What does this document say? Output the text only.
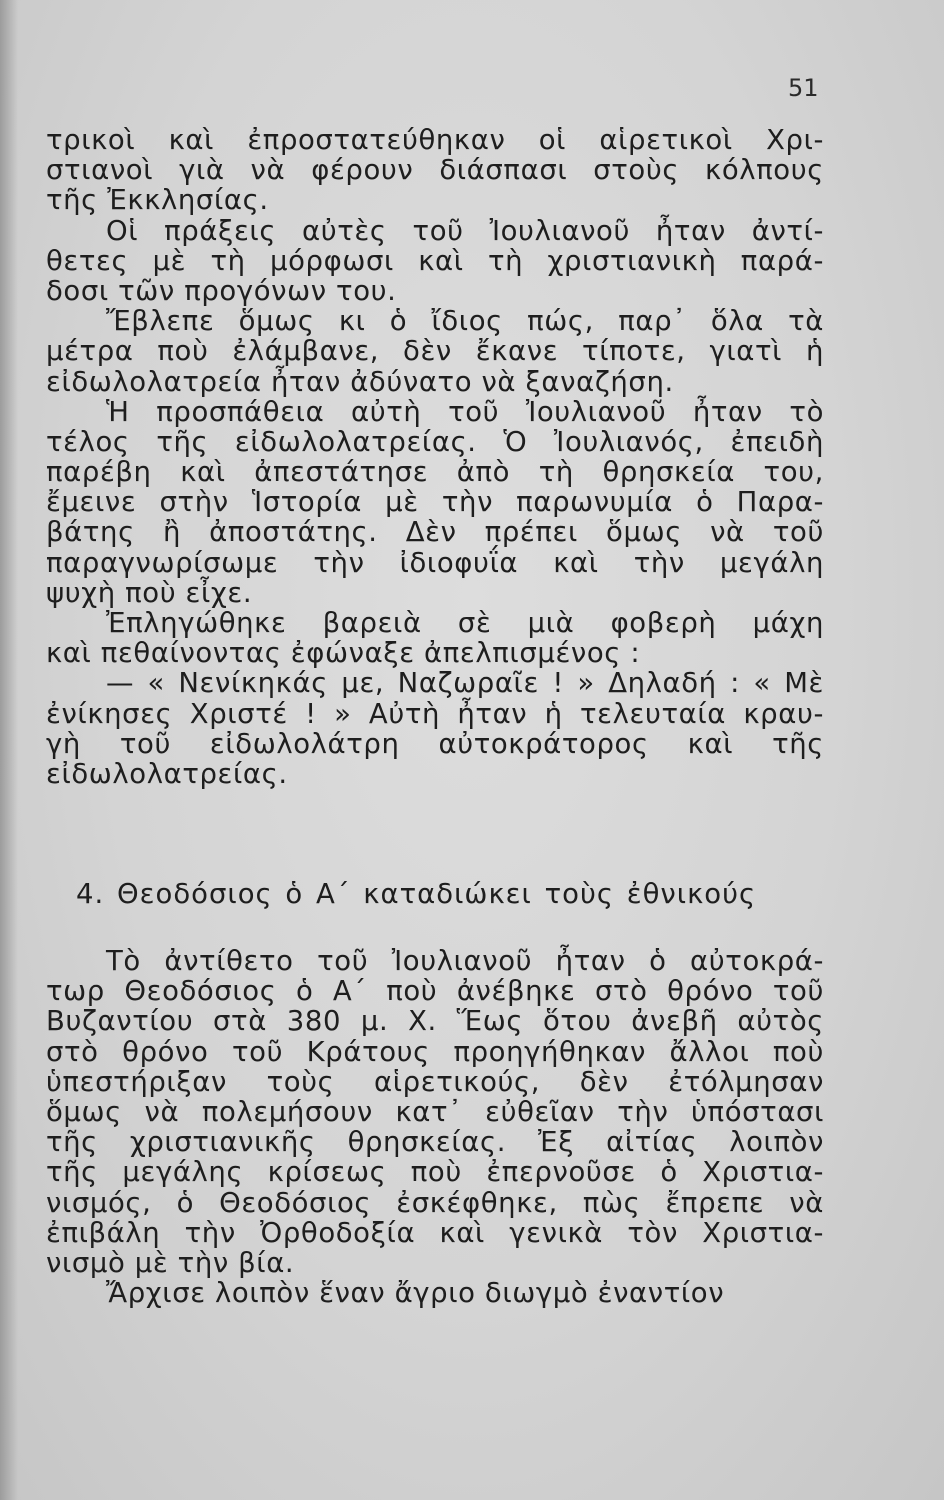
51
τρικοὶ καὶ ἐπροστατεύθηκαν οἱ αἱρετικοὶ Χρι-
στιανοὶ γιὰ νὰ φέρουν διάσπασι στοὺς κόλπους
τῆς Ἐκκλησίας.
Οἱ πράξεις αὐτὲς τοῦ Ἰουλιανοῦ ἦταν ἀντί-
θετες μὲ τὴ μόρφωσι καὶ τὴ χριστιανικὴ παρά-
δοσι τῶν προγόνων του.
Ἔβλεπε ὅμως κι ὁ ἴδιος πώς, παρ᾽ ὅλα τὰ
μέτρα ποὺ ἐλάμβανε, δὲν ἔκανε τίποτε, γιατὶ ἡ
εἰδωλολατρεία ἦταν ἀδύνατο νὰ ξαναζήση.
Ἡ προσπάθεια αὐτὴ τοῦ Ἰουλιανοῦ ἦταν τὸ
τέλος τῆς εἰδωλολατρείας. Ὁ Ἰουλιανός, ἐπειδὴ
παρέβη καὶ ἀπεστάτησε ἀπὸ τὴ θρησκεία του,
ἔμεινε στὴν Ἱστορία μὲ τὴν παρωνυμία ὁ Παρα-
βάτης ἢ ἀποστάτης. Δὲν πρέπει ὅμως νὰ τοῦ
παραγνωρίσωμε τὴν ἰδιοφυΐα καὶ τὴν μεγάλη
ψυχὴ ποὺ εἶχε.
Ἐπληγώθηκε βαρειὰ σὲ μιὰ φοβερὴ μάχη
καὶ πεθαίνοντας ἐφώναξε ἀπελπισμένος :
— « Νενίκηκάς με, Ναζωραῖε ! » Δηλαδή : « Μὲ
ἐνίκησες Χριστέ ! » Αὐτὴ ἦταν ἡ τελευταία κραυ-
γὴ τοῦ εἰδωλολάτρη αὐτοκράτορος καὶ τῆς
εἰδωλολατρείας.
4. Θεοδόσιος ὁ Α΄ καταδιώκει τοὺς ἐθνικούς
Τὸ ἀντίθετο τοῦ Ἰουλιανοῦ ἦταν ὁ αὐτοκρά-
τωρ Θεοδόσιος ὁ Α΄ ποὺ ἀνέβηκε στὸ θρόνο τοῦ
Βυζαντίου στὰ 380 μ. Χ. Ἕως ὅτου ἀνεβῆ αὐτὸς
στὸ θρόνο τοῦ Κράτους προηγήθηκαν ἄλλοι ποὺ
ὑπεστήριξαν τοὺς αἱρετικούς, δὲν ἐτόλμησαν
ὅμως νὰ πολεμήσουν κατ᾽ εὐθεῖαν τὴν ὑπόστασι
τῆς χριστιανικῆς θρησκείας. Ἐξ αἰτίας λοιπὸν
τῆς μεγάλης κρίσεως ποὺ ἐπερνοῦσε ὁ Χριστια-
νισμός, ὁ Θεοδόσιος ἐσκέφθηκε, πὼς ἔπρεπε νὰ
ἐπιβάλη τὴν Ὀρθοδοξία καὶ γενικὰ τὸν Χριστια-
νισμὸ μὲ τὴν βία.
Ἄρχισε λοιπὸν ἕναν ἄγριο διωγμὸ ἐναντίον
